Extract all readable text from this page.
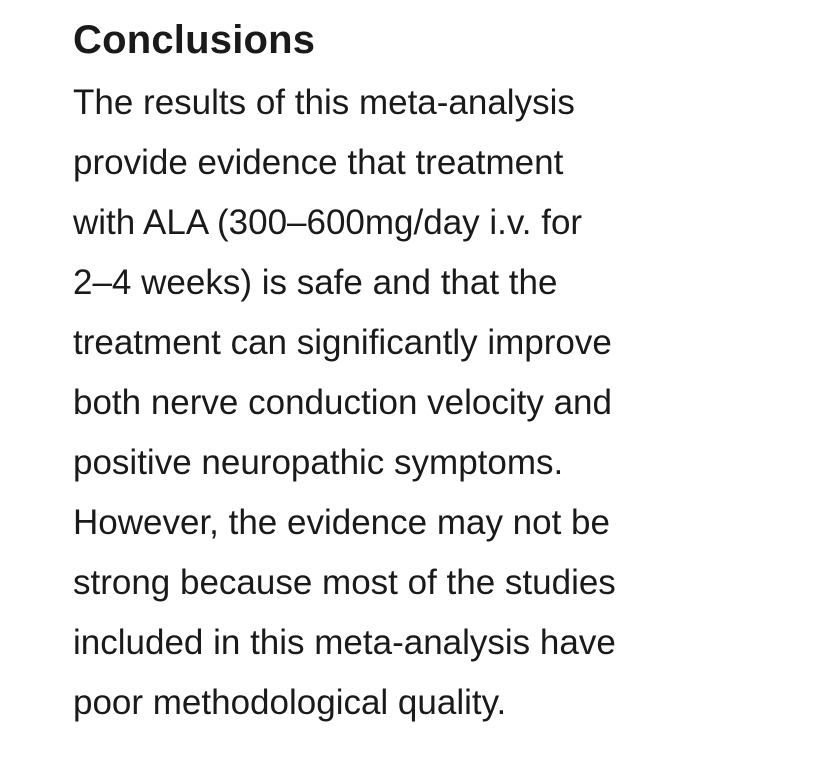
Conclusions

The results of this meta-analysis
provide evidence that treatment
with ALA (300–600mg/day i.v. for
2–4 weeks) is safe and that the
treatment can significantly improve
both nerve conduction velocity and
positive neuropathic symptoms.
However, the evidence may not be
strong because most of the studies
included in this meta-analysis have
poor methodological quality.
